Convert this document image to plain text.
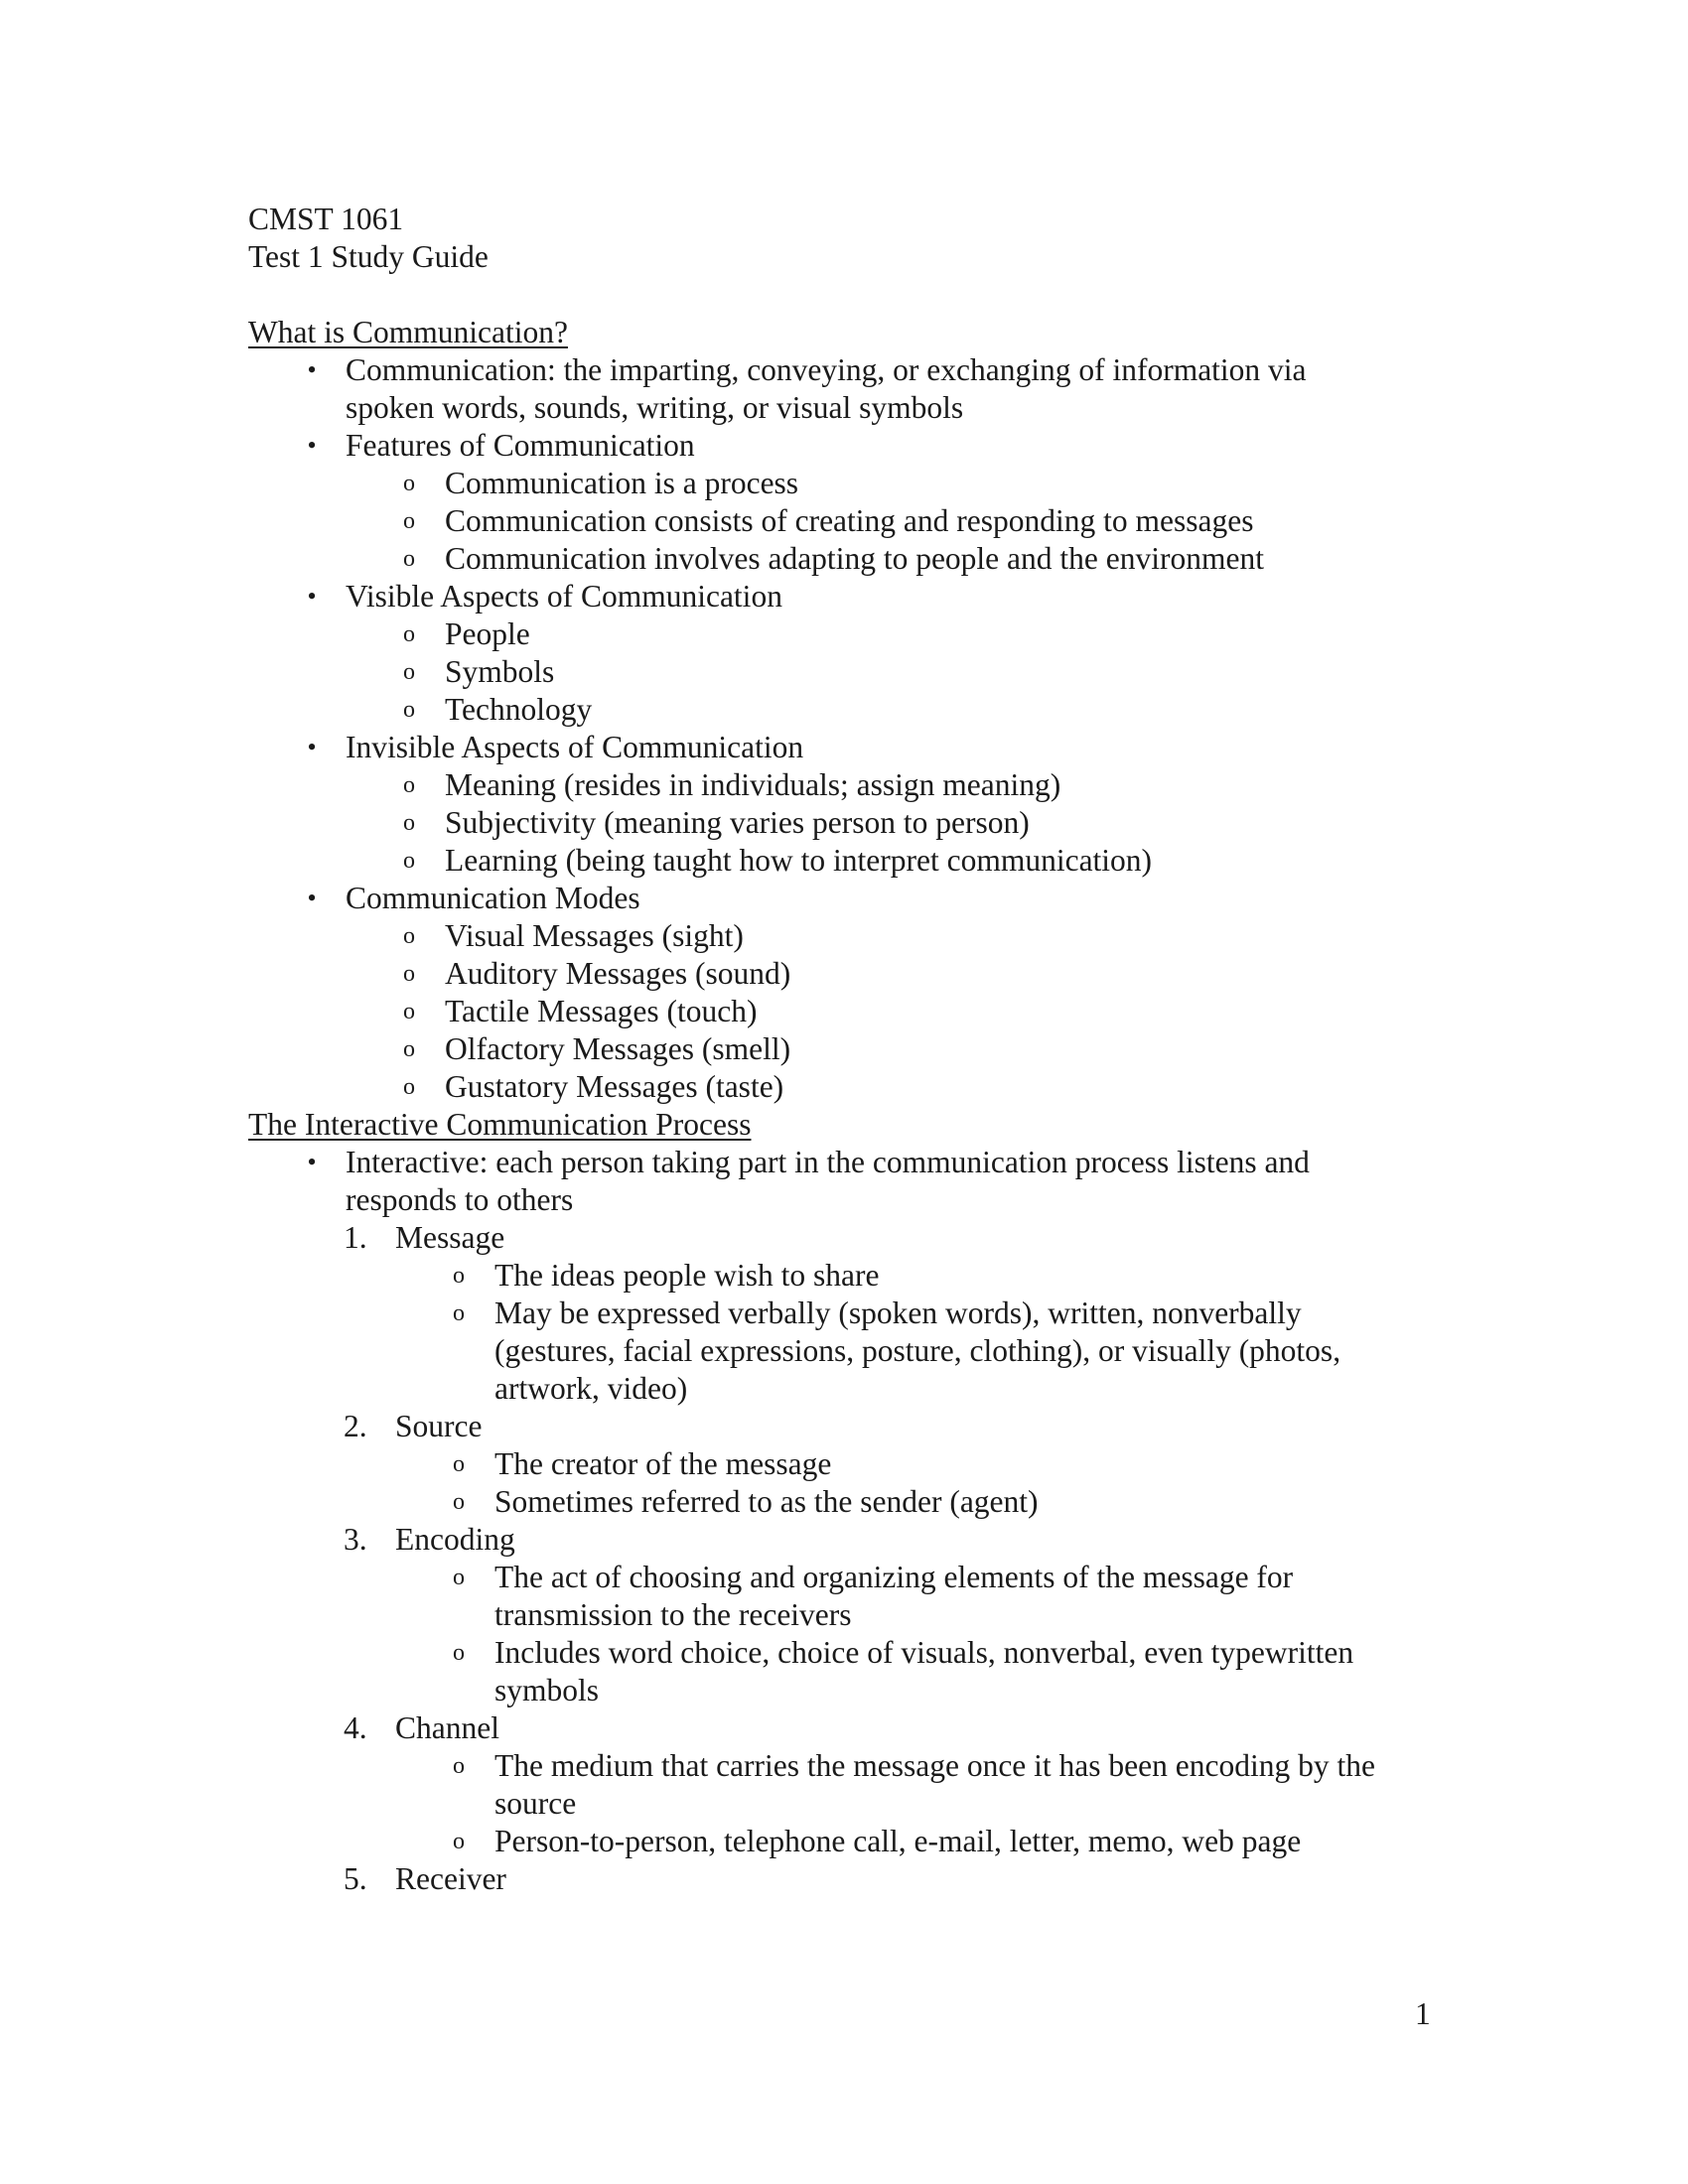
CMST 1061
Test 1 Study Guide
What is Communication?
• Communication: the imparting, conveying, or exchanging of information via spoken words, sounds, writing, or visual symbols
• Features of Communication
o Communication is a process
o Communication consists of creating and responding to messages
o Communication involves adapting to people and the environment
• Visible Aspects of Communication
o People
o Symbols
o Technology
• Invisible Aspects of Communication
o Meaning (resides in individuals; assign meaning)
o Subjectivity (meaning varies person to person)
o Learning (being taught how to interpret communication)
• Communication Modes
o Visual Messages (sight)
o Auditory Messages (sound)
o Tactile Messages (touch)
o Olfactory Messages (smell)
o Gustatory Messages (taste)
The Interactive Communication Process
• Interactive: each person taking part in the communication process listens and responds to others
1. Message
o The ideas people wish to share
o May be expressed verbally (spoken words), written, nonverbally (gestures, facial expressions, posture, clothing), or visually (photos, artwork, video)
2. Source
o The creator of the message
o Sometimes referred to as the sender (agent)
3. Encoding
o The act of choosing and organizing elements of the message for transmission to the receivers
o Includes word choice, choice of visuals, nonverbal, even typewritten symbols
4. Channel
o The medium that carries the message once it has been encoding by the source
o Person-to-person, telephone call, e-mail, letter, memo, web page
5. Receiver
1
